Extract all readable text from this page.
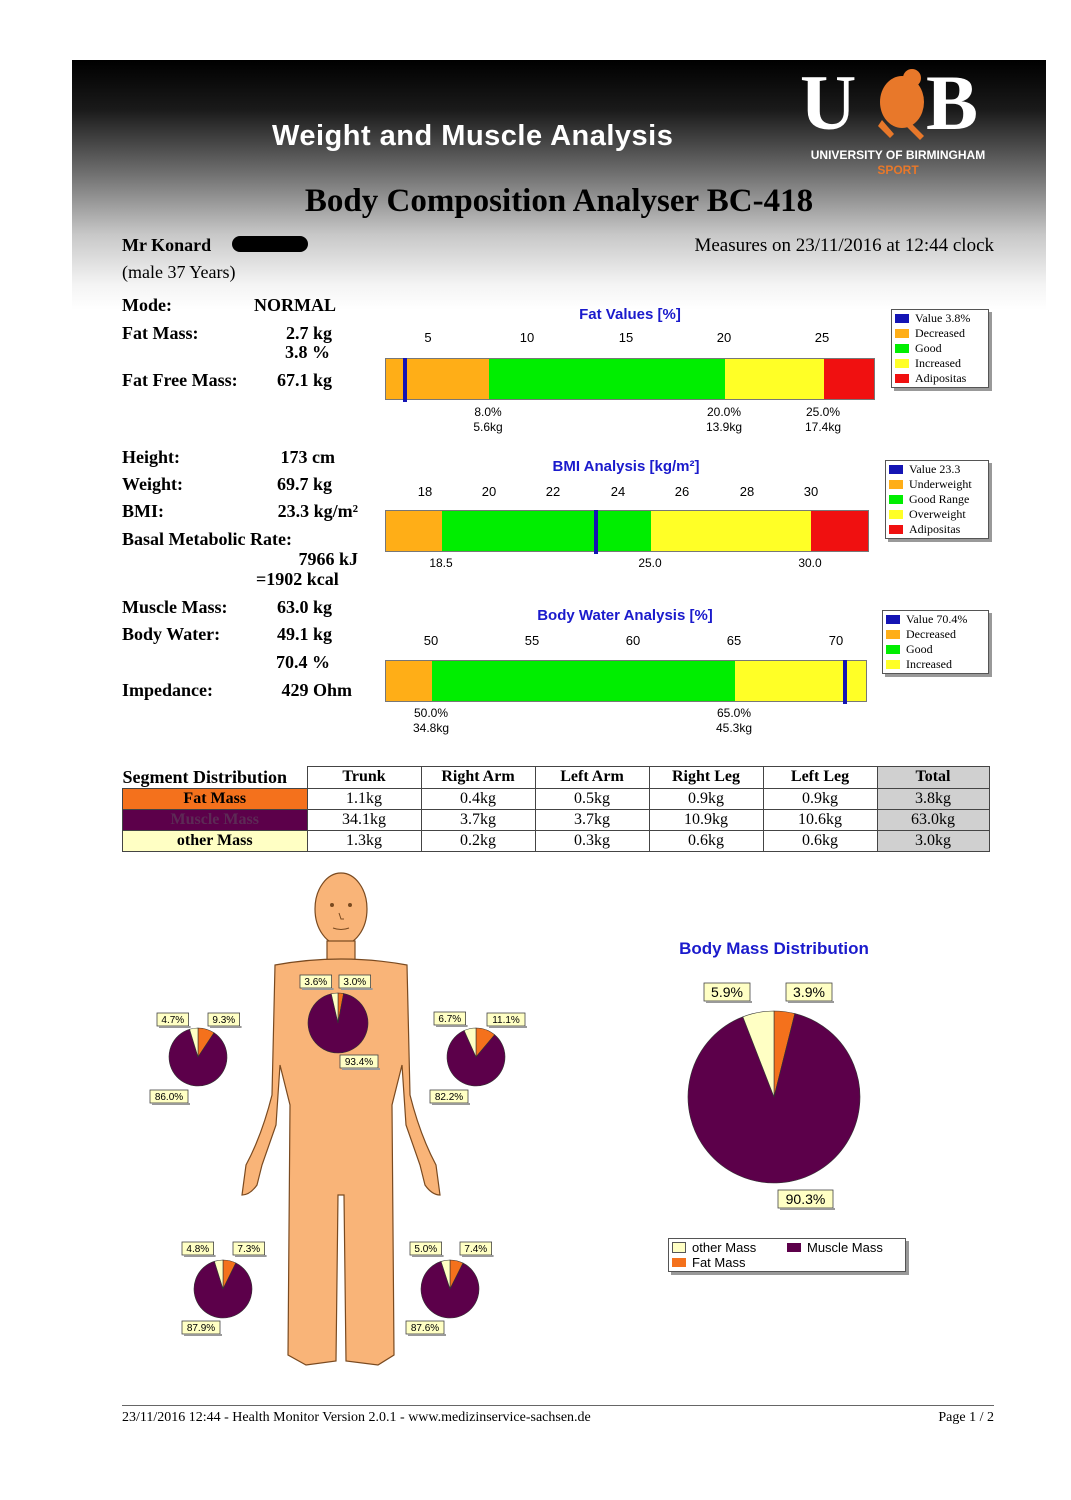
Weight and Muscle Analysis U B
UNIVERSITY OF BIRMINGHAM
SPORT
Body Composition Analyser BC-418
Mr Konard
(male 37 Years)
Measures on 23/11/2016 at 12:44 clock
Mode:	NORMAL
Fat Mass:	2.7 kg
3.8 %
Fat Free Mass:	67.1 kg
Height:	173 cm
Weight:	69.7 kg
BMI:	23.3 kg/m²
Basal Metabolic Rate:
7966 kJ
=1902 kcal
Muscle Mass:	63.0 kg
Body Water:	49.1 kg
70.4 %
Impedance:	429 Ohm
Fat Values [%]
5	10	15	20	25
8.0%
5.6kg
20.0%
13.9kg
25.0%
17.4kg
Value 3.8%
Decreased
Good
Increased
Adipositas
BMI Analysis [kg/m²]
18	20	22	24	26	28	30
18.5	25.0	30.0
Value 23.3
Underweight
Good Range
Overweight
Adipositas
Body Water Analysis [%]
50	55	60	65	70
50.0%
34.8kg
65.0%
45.3kg
Value 70.4%
Decreased
Good
Increased
Segment Distribution	Trunk	Right Arm	Left Arm	Right Leg	Left Leg	Total
Fat Mass	1.1kg	0.4kg	0.5kg	0.9kg	0.9kg	3.8kg
Muscle Mass	34.1kg	3.7kg	3.7kg	10.9kg	10.6kg	63.0kg
other Mass	1.3kg	0.2kg	0.3kg	0.6kg	0.6kg	3.0kg
3.6% 3.0%
93.4%
4.7%	9.3%
86.0%
6.7%	11.1%
82.2%
4.8%	7.3%
87.9%
5.0%	7.4%
87.6%
Body Mass Distribution
5.9%	3.9%
90.3%
other Mass	Muscle Mass
Fat Mass
23/11/2016 12:44 - Health Monitor Version 2.0.1 - www.medizinservice-sachsen.de	Page 1 / 2
